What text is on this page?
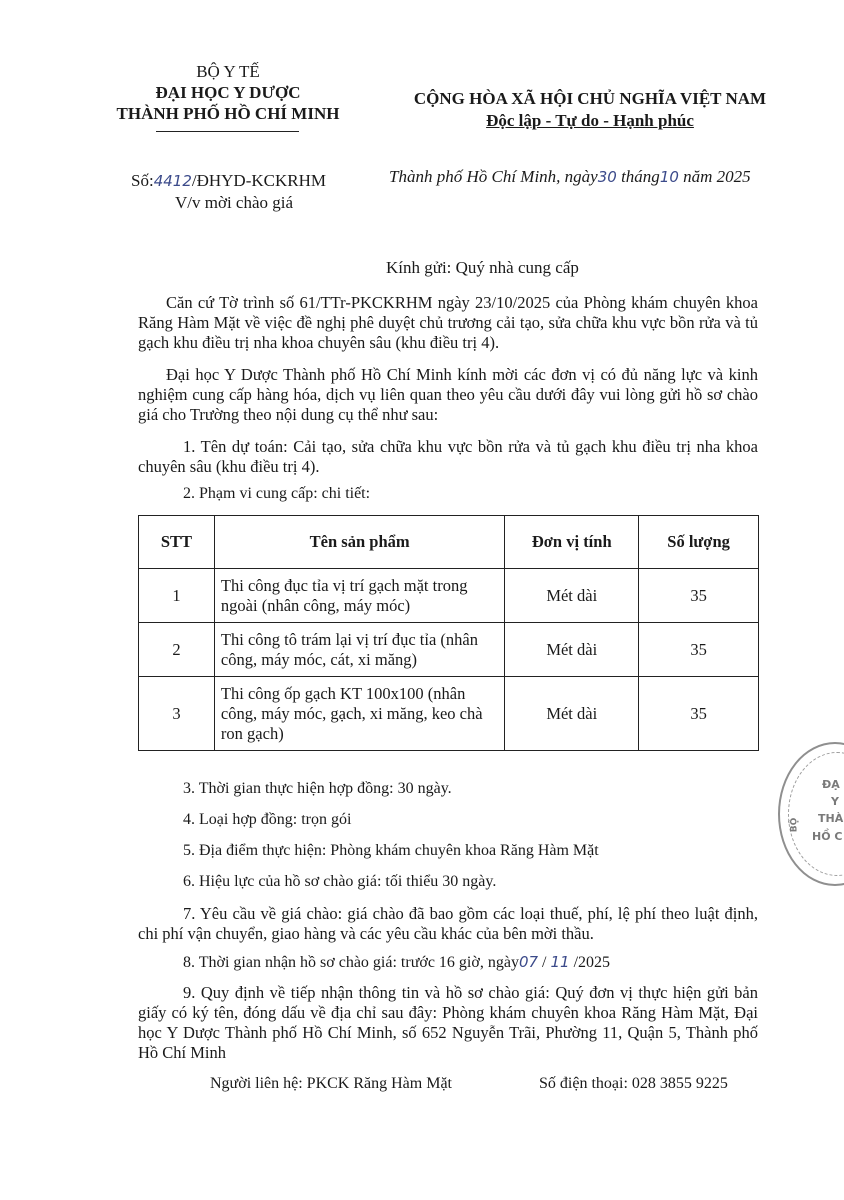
BỘ Y TẾ
ĐẠI HỌC Y DƯỢC
THÀNH PHỐ HỒ CHÍ MINH
Số:4412/ĐHYD-KCKRHM
V/v mời chào giá
CỘNG HÒA XÃ HỘI CHỦ NGHĨA VIỆT NAM
Độc lập - Tự do - Hạnh phúc
Thành phố Hồ Chí Minh, ngày30 tháng10 năm 2025
Kính gửi: Quý nhà cung cấp
Căn cứ Tờ trình số 61/TTr-PKCKRHM ngày 23/10/2025 của Phòng khám chuyên khoa Răng Hàm Mặt về việc đề nghị phê duyệt chủ trương cải tạo, sửa chữa khu vực bồn rửa và tủ gạch khu điều trị nha khoa chuyên sâu (khu điều trị 4).
Đại học Y Dược Thành phố Hồ Chí Minh kính mời các đơn vị có đủ năng lực và kinh nghiệm cung cấp hàng hóa, dịch vụ liên quan theo yêu cầu dưới đây vui lòng gửi hồ sơ chào giá cho Trường theo nội dung cụ thể như sau:
1. Tên dự toán: Cải tạo, sửa chữa khu vực bồn rửa và tủ gạch khu điều trị nha khoa chuyên sâu (khu điều trị 4).
2. Phạm vi cung cấp: chi tiết:
STT	Tên sản phẩm	Đơn vị tính	Số lượng
1	Thi công đục tỉa vị trí gạch mặt trong ngoài (nhân công, máy móc)	Mét dài	35
2	Thi công tô trám lại vị trí đục tỉa (nhân công, máy móc, cát, xi măng)	Mét dài	35
3	Thi công ốp gạch KT 100x100 (nhân công, máy móc, gạch, xi măng, keo chà ron gạch)	Mét dài	35
3. Thời gian thực hiện hợp đồng: 30 ngày.
4. Loại hợp đồng: trọn gói
5. Địa điểm thực hiện: Phòng khám chuyên khoa Răng Hàm Mặt
6. Hiệu lực của hồ sơ chào giá: tối thiểu 30 ngày.
7. Yêu cầu về giá chào: giá chào đã bao gồm các loại thuế, phí, lệ phí theo luật định, chi phí vận chuyển, giao hàng và các yêu cầu khác của bên mời thầu.
8. Thời gian nhận hồ sơ chào giá: trước 16 giờ, ngày07 / 11 /2025
9. Quy định về tiếp nhận thông tin và hồ sơ chào giá: Quý đơn vị thực hiện gửi bản giấy có ký tên, đóng dấu về địa chỉ sau đây: Phòng khám chuyên khoa Răng Hàm Mặt, Đại học Y Dược Thành phố Hồ Chí Minh, số 652 Nguyễn Trãi, Phường 11, Quận 5, Thành phố Hồ Chí Minh
Người liên hệ: PKCK Răng Hàm Mặt	Số điện thoại: 028 3855 9225
ĐẠ
Y
THÀ
HỒ C
BỘ
